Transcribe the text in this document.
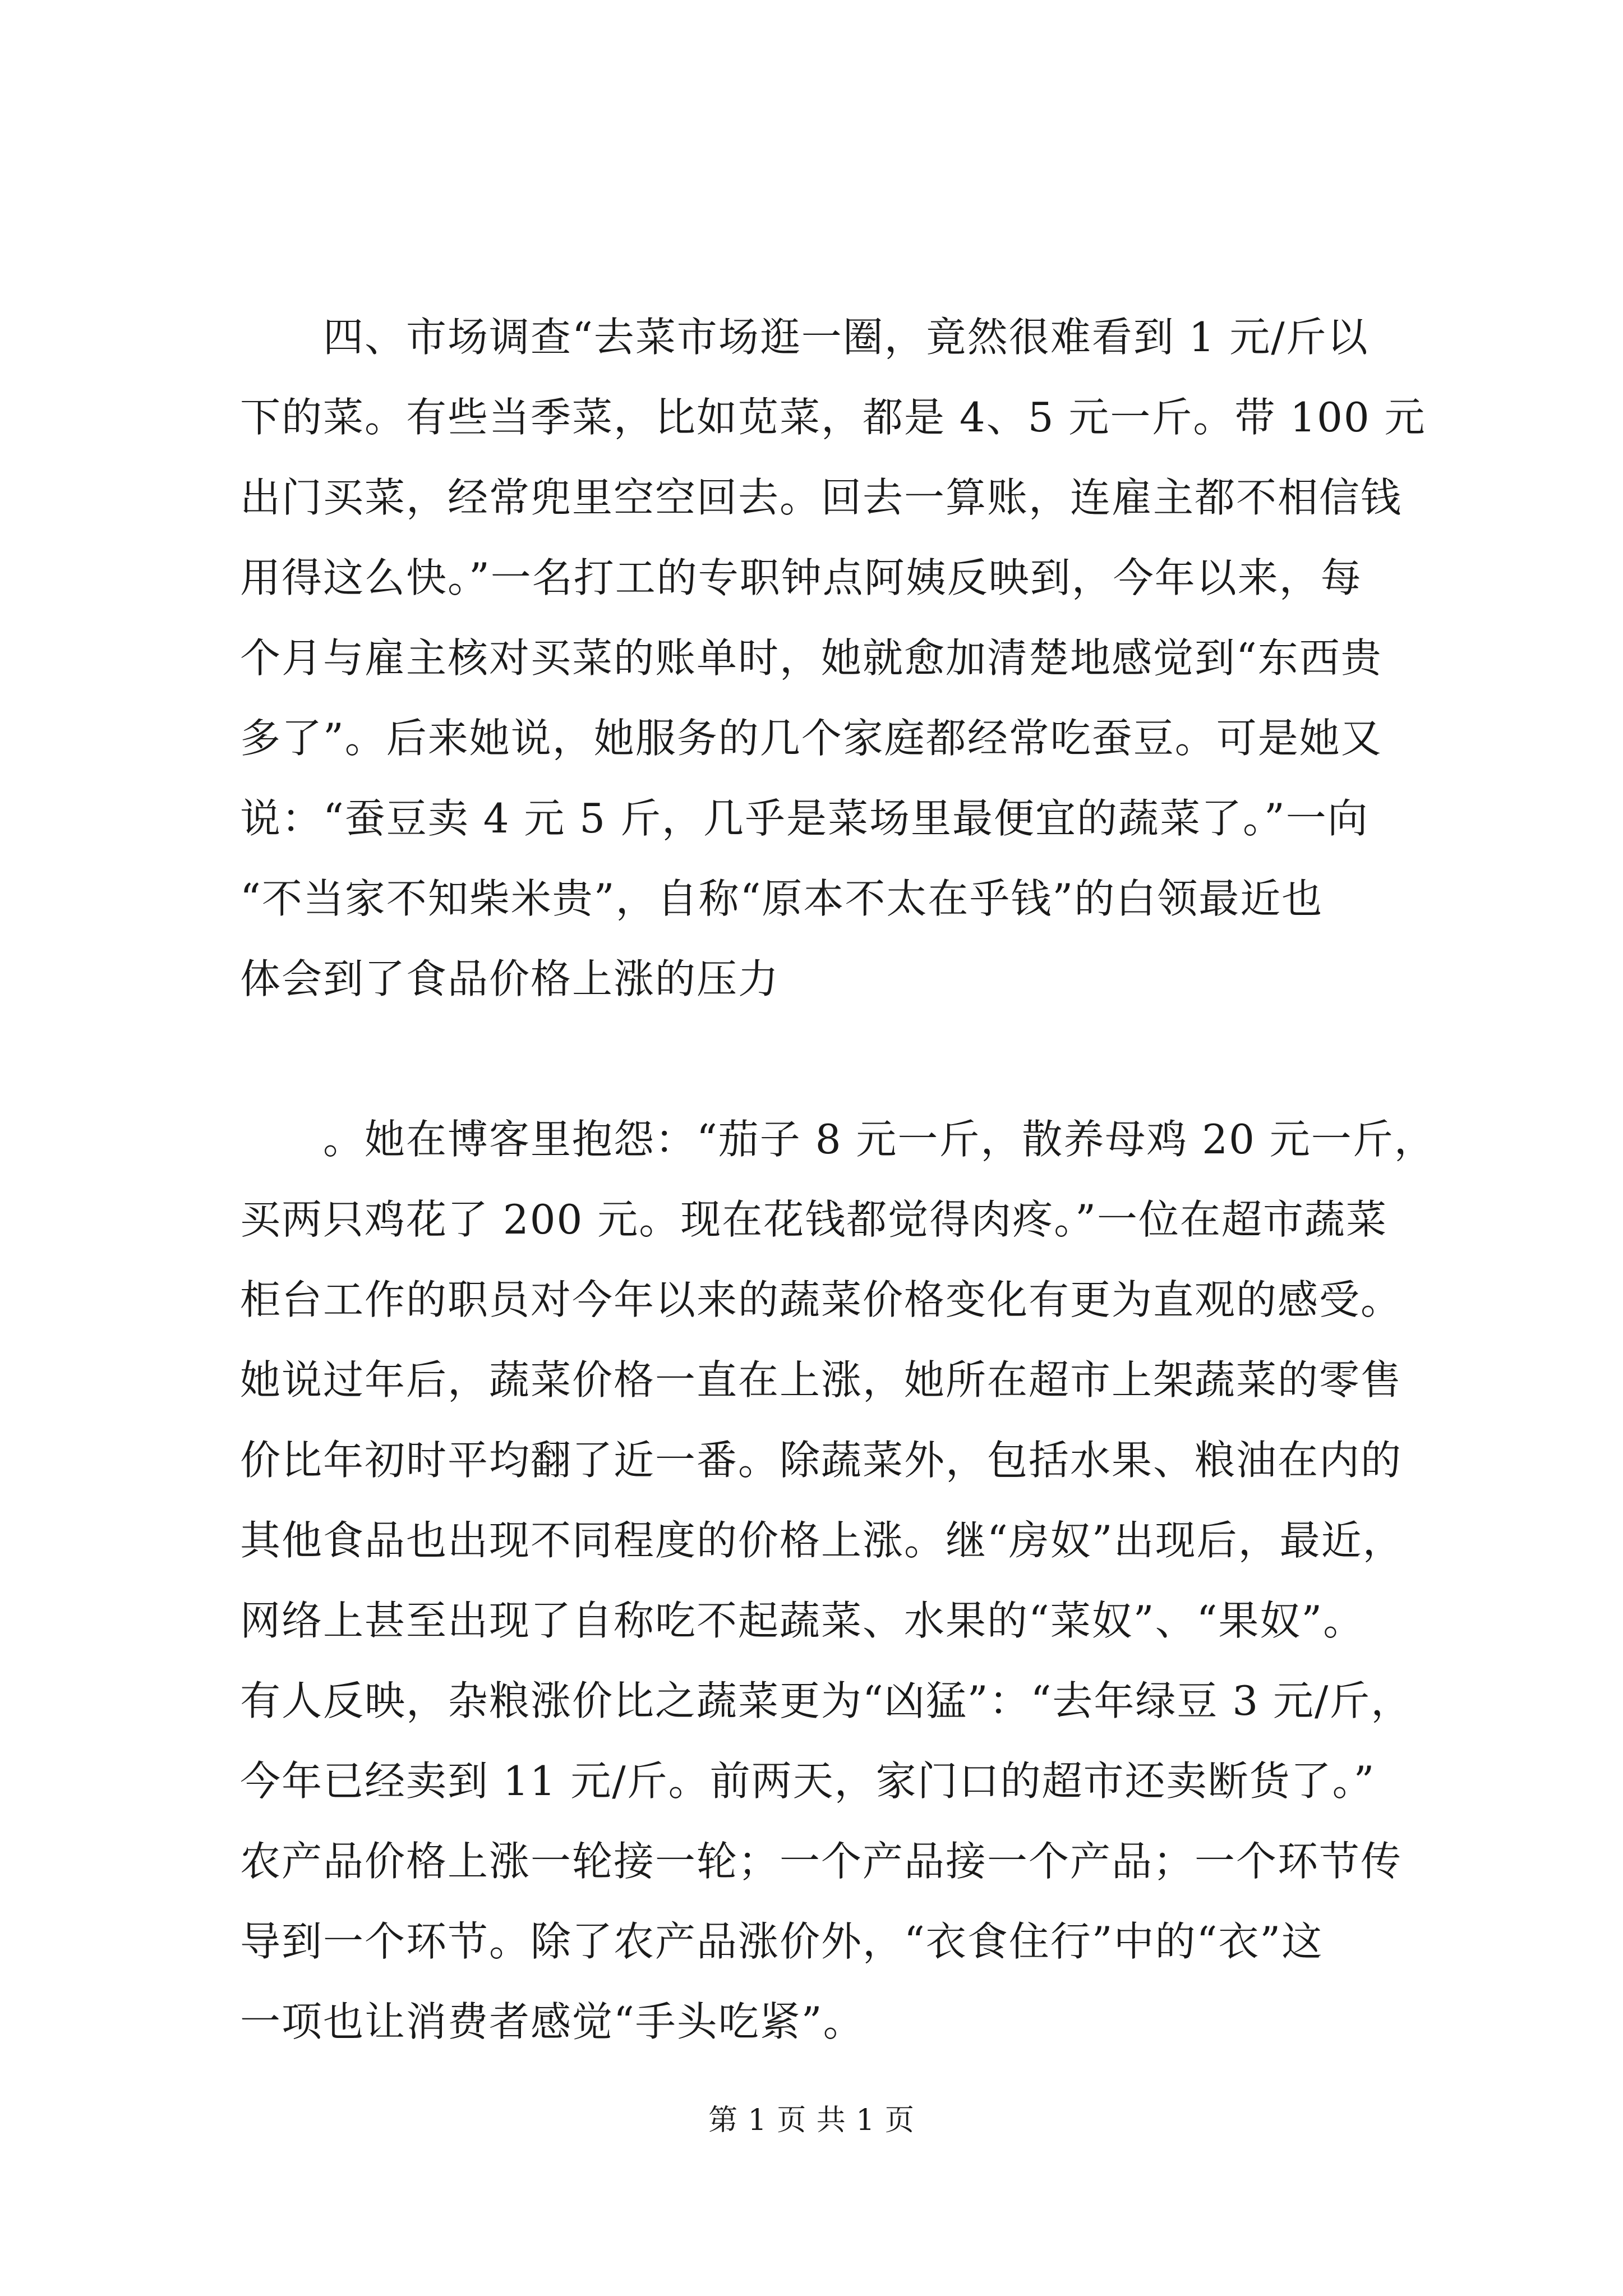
四、市场调查“去菜市场逛一圈，竟然很难看到 1 元/斤以
下的菜。有些当季菜，比如苋菜，都是 4、5 元一斤。带 100 元
出门买菜，经常兜里空空回去。回去一算账，连雇主都不相信钱
用得这么快。”一名打工的专职钟点阿姨反映到，今年以来，每
个月与雇主核对买菜的账单时，她就愈加清楚地感觉到“东西贵
多了”。后来她说，她服务的几个家庭都经常吃蚕豆。可是她又
说：“蚕豆卖 4 元 5 斤，几乎是菜场里最便宜的蔬菜了。”一向
“不当家不知柴米贵”，自称“原本不太在乎钱”的白领最近也
体会到了食品价格上涨的压力
。她在博客里抱怨：“茄子 8 元一斤，散养母鸡 20 元一斤，
买两只鸡花了 200 元。现在花钱都觉得肉疼。”一位在超市蔬菜
柜台工作的职员对今年以来的蔬菜价格变化有更为直观的感受。
她说过年后，蔬菜价格一直在上涨，她所在超市上架蔬菜的零售
价比年初时平均翻了近一番。除蔬菜外，包括水果、粮油在内的
其他食品也出现不同程度的价格上涨。继“房奴”出现后，最近，
网络上甚至出现了自称吃不起蔬菜、水果的“菜奴”、“果奴”。
有人反映，杂粮涨价比之蔬菜更为“凶猛”：“去年绿豆 3 元/斤，
今年已经卖到 11 元/斤。前两天，家门口的超市还卖断货了。”
农产品价格上涨一轮接一轮；一个产品接一个产品；一个环节传
导到一个环节。除了农产品涨价外，“衣食住行”中的“衣”这
一项也让消费者感觉“手头吃紧”。
第 1 页 共 1 页
